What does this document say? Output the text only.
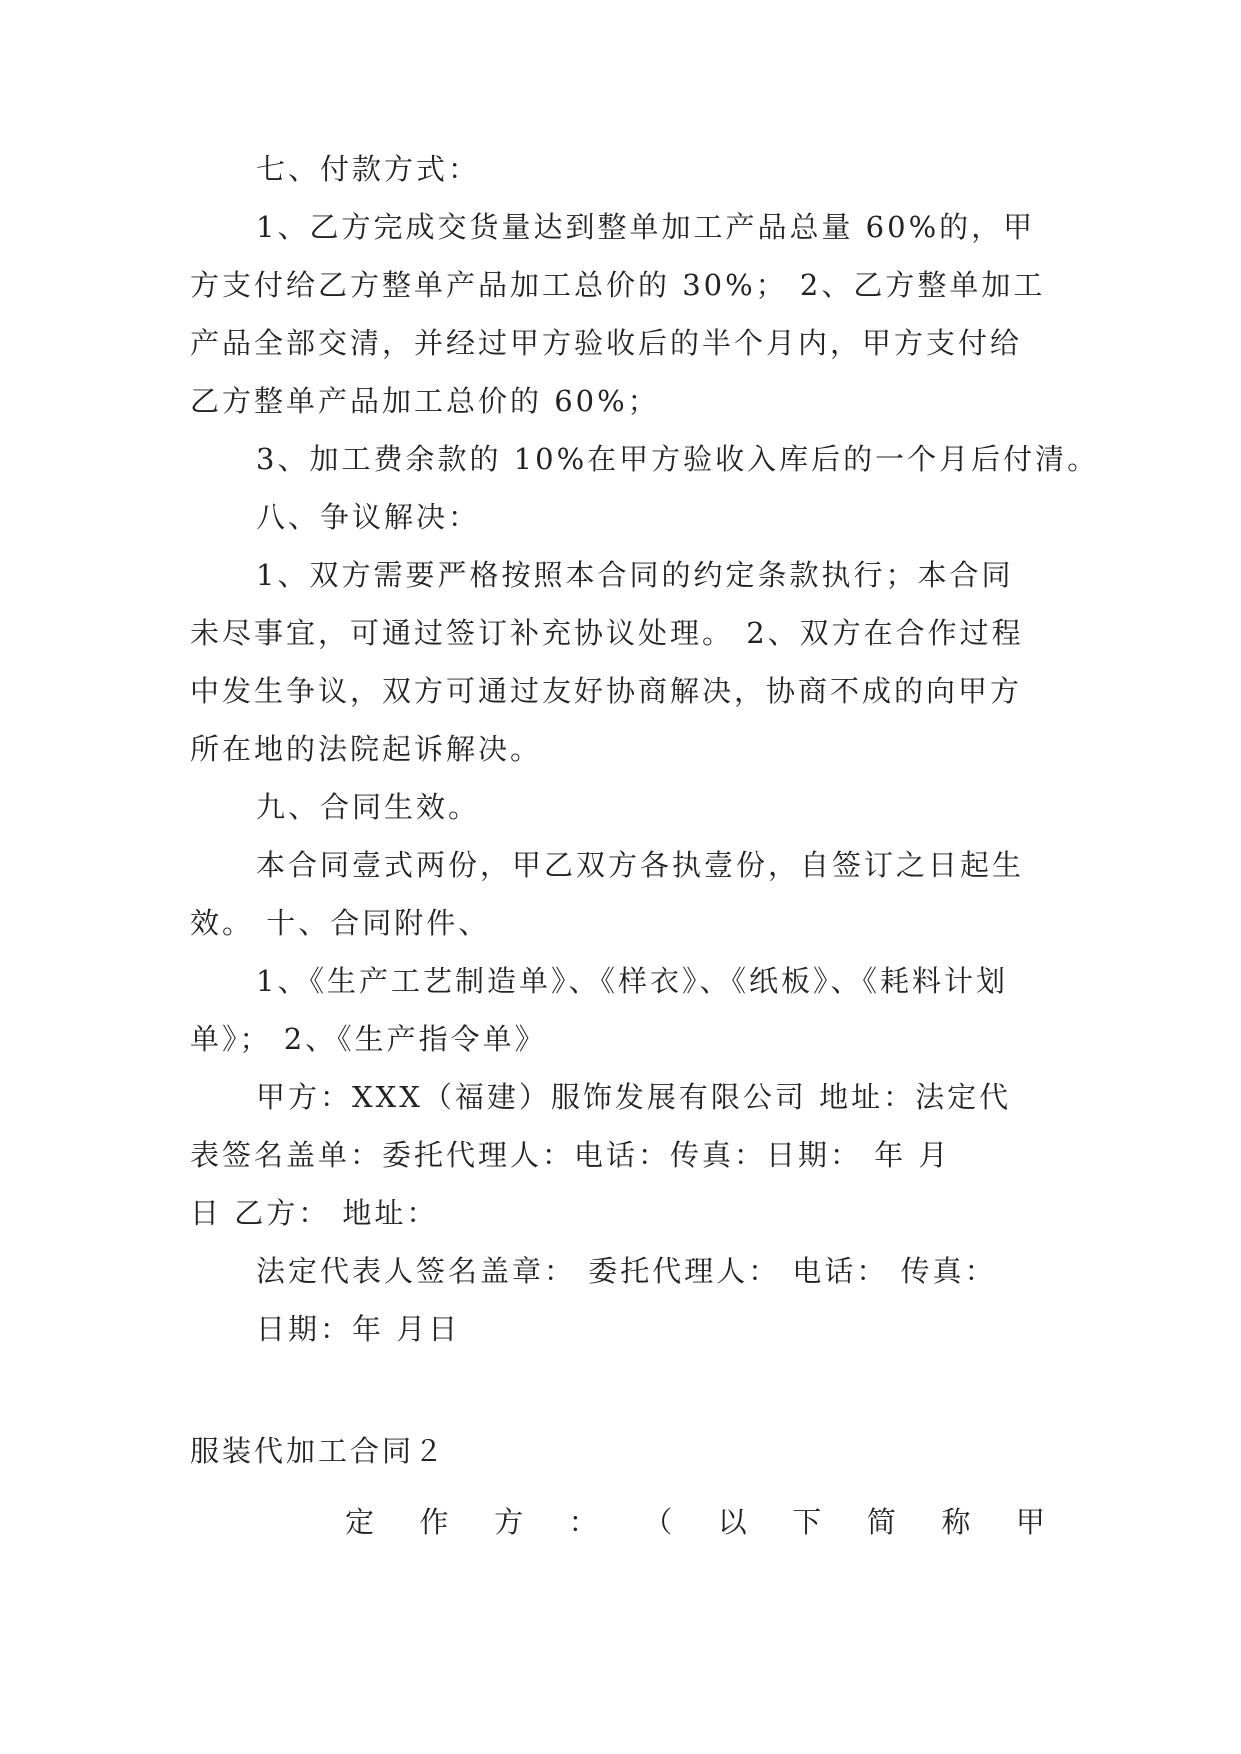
七、付款方式：
1、乙方完成交货量达到整单加工产品总量 60%的，甲
方支付给乙方整单产品加工总价的 30%； 2、乙方整单加工
产品全部交清，并经过甲方验收后的半个月内，甲方支付给
乙方整单产品加工总价的 60%；
3、加工费余款的 10%在甲方验收入库后的一个月后付清。
八、争议解决：
1、双方需要严格按照本合同的约定条款执行；本合同
未尽事宜，可通过签订补充协议处理。 2、双方在合作过程
中发生争议，双方可通过友好协商解决，协商不成的向甲方
所在地的法院起诉解决。
九、合同生效。
本合同壹式两份，甲乙双方各执壹份，自签订之日起生
效。 十、合同附件、
1、《生产工艺制造单》、《样衣》、《纸板》、《耗料计划
单》； 2、《生产指令单》
甲方：XXX（福建）服饰发展有限公司 地址：法定代
表签名盖单：委托代理人：电话：传真：日期： 年 月
日 乙方： 地址：
法定代表人签名盖章： 委托代理人： 电话： 传真：
日期：年 月日
服装代加工合同２
定 作 方 ： （ 以 下 简 称 甲
